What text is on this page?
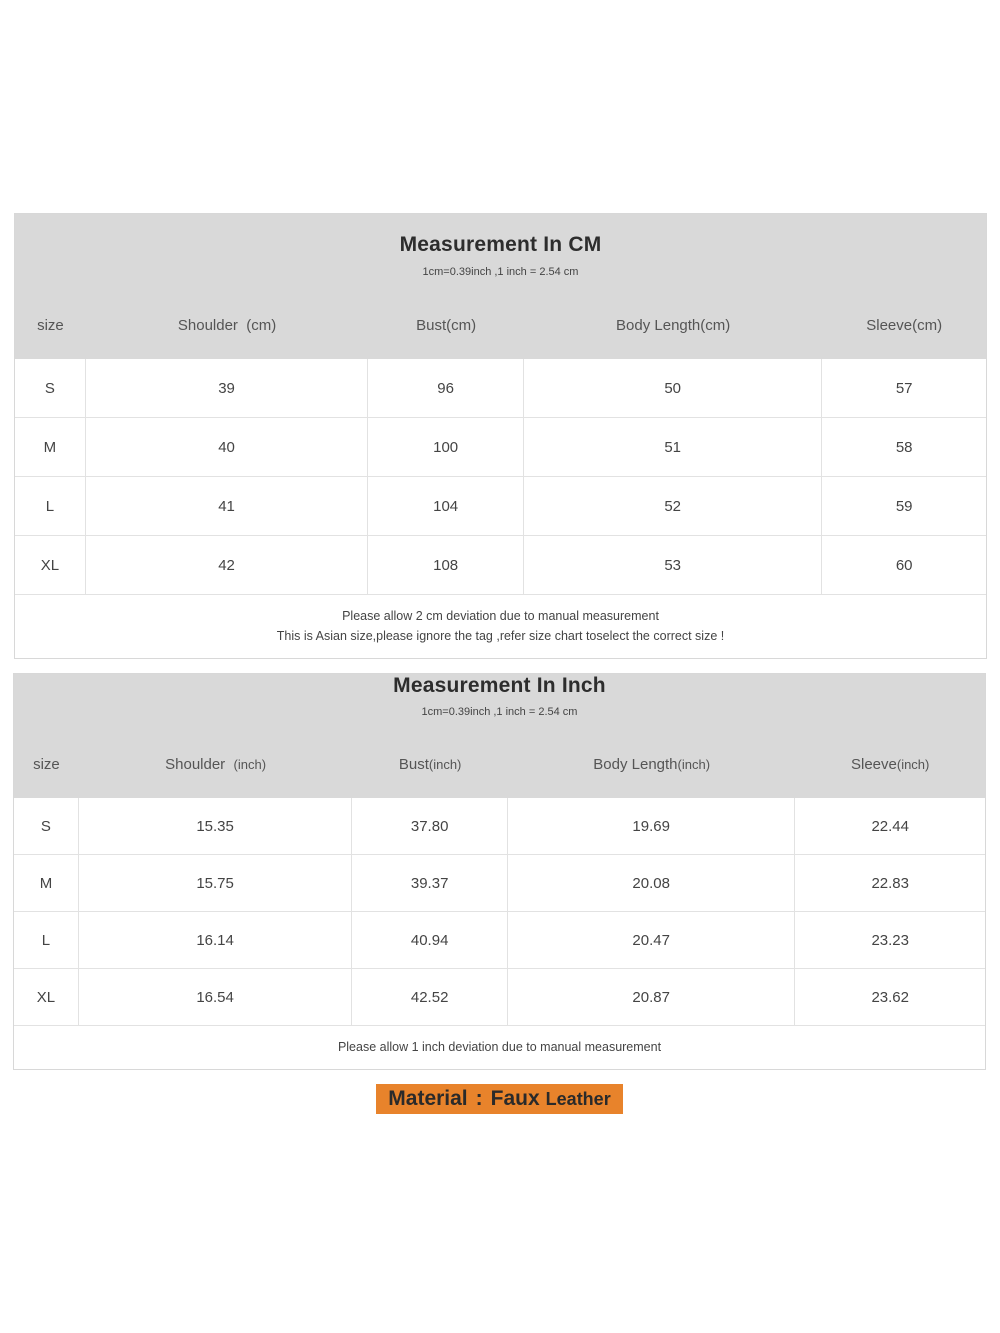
Measurement In CM
1cm=0.39inch ,1 inch = 2.54 cm
size	Shoulder  (cm)	Bust(cm)	Body Length(cm)	Sleeve(cm)
S	39	96	50	57
M	40	100	51	58
L	41	104	52	59
XL	42	108	53	60
Please allow 2 cm deviation due to manual measurement
This is Asian size,please ignore the tag ,refer size chart toselect the correct size !
Measurement In Inch
1cm=0.39inch ,1 inch = 2.54 cm
size	Shoulder  (inch)	Bust(inch)	Body Length(inch)	Sleeve(inch)
S	15.35	37.80	19.69	22.44
M	15.75	39.37	20.08	22.83
L	16.14	40.94	20.47	23.23
XL	16.54	42.52	20.87	23.62
Please allow 1 inch deviation due to manual measurement
Material : Faux Leather
